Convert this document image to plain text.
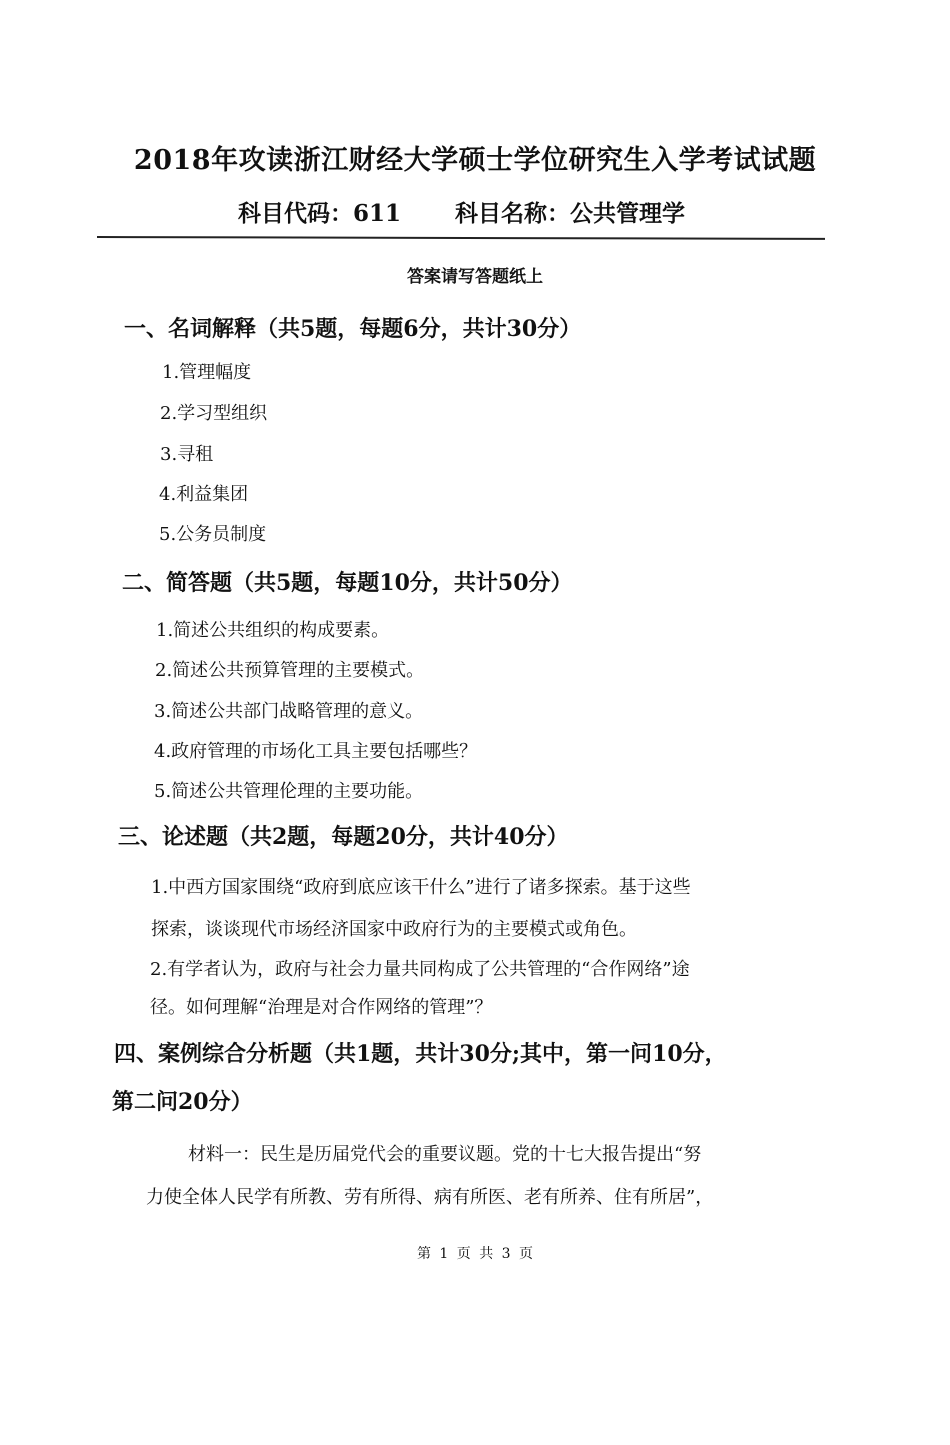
2018年攻读浙江财经大学硕士学位研究生入学考试试题
科目代码：611 科目名称：公共管理学
答案请写答题纸上
一、名词解释（共5题，每题6分，共计30分）
1.管理幅度
2.学习型组织
3.寻租
4.利益集团
5.公务员制度
二、简答题（共5题，每题10分，共计50分）
1.简述公共组织的构成要素。
2.简述公共预算管理的主要模式。
3.简述公共部门战略管理的意义。
4.政府管理的市场化工具主要包括哪些？
5.简述公共管理伦理的主要功能。
三、论述题（共2题，每题20分，共计40分）
1.中西方国家围绕“政府到底应该干什么”进行了诸多探索。基于这些
探索，谈谈现代市场经济国家中政府行为的主要模式或角色。
2.有学者认为，政府与社会力量共同构成了公共管理的“合作网络”途
径。如何理解“治理是对合作网络的管理”？
四、案例综合分析题（共1题，共计30分;其中，第一问10分，
第二问20分）
材料一：民生是历届党代会的重要议题。党的十七大报告提出“努
力使全体人民学有所教、劳有所得、病有所医、老有所养、住有所居”，
第 1 页 共 3 页
